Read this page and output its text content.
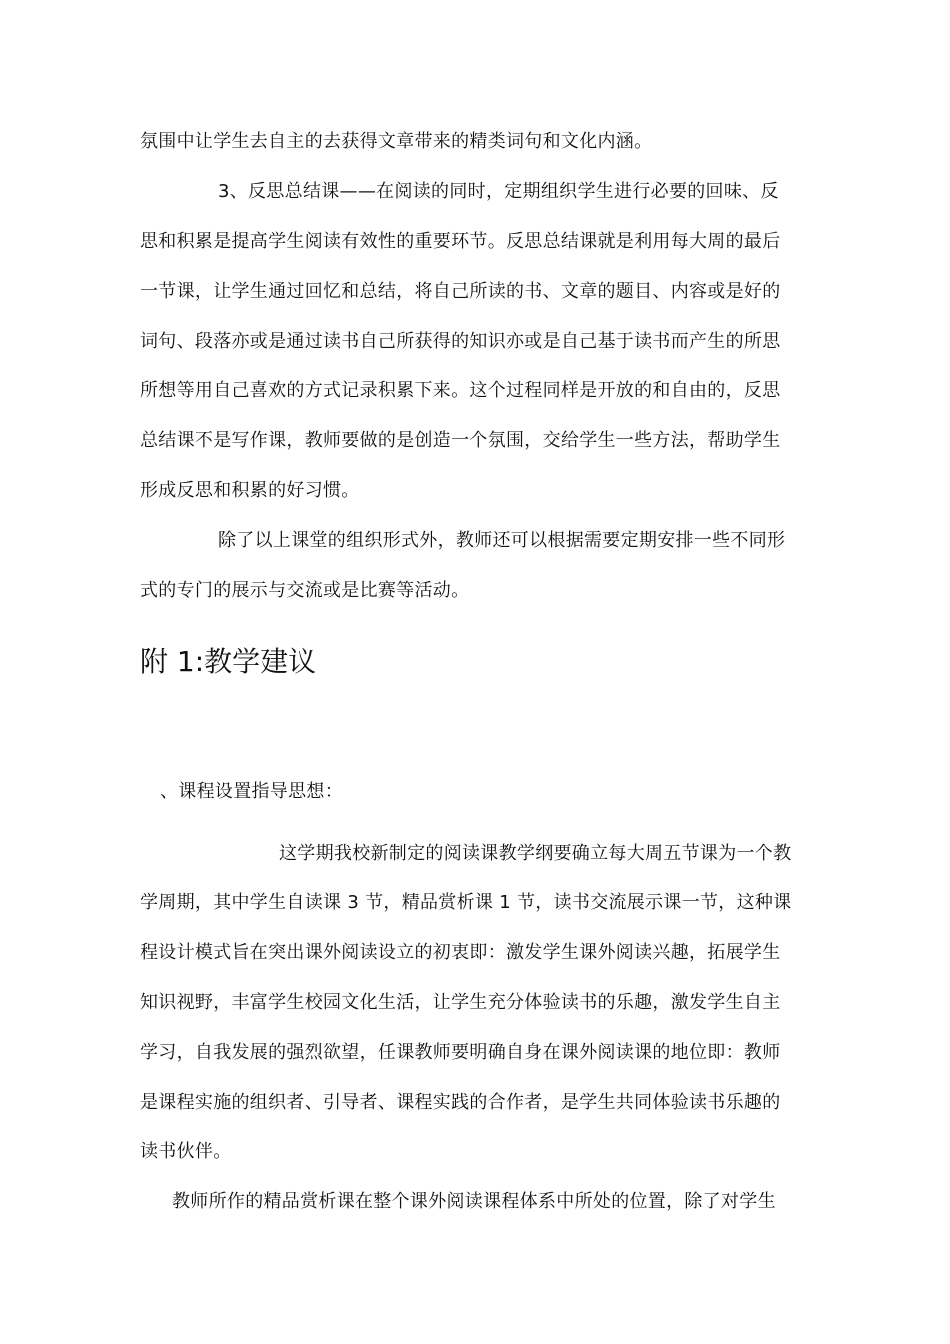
氛围中让学生去自主的去获得文章带来的精类词句和文化内涵。
3、反思总结课——在阅读的同时，定期组织学生进行必要的回味、反
思和积累是提高学生阅读有效性的重要环节。反思总结课就是利用每大周的最后
一节课，让学生通过回忆和总结，将自己所读的书、文章的题目、内容或是好的
词句、段落亦或是通过读书自己所获得的知识亦或是自己基于读书而产生的所思
所想等用自己喜欢的方式记录积累下来。这个过程同样是开放的和自由的，反思
总结课不是写作课，教师要做的是创造一个氛围，交给学生一些方法，帮助学生
形成反思和积累的好习惯。
除了以上课堂的组织形式外，教师还可以根据需要定期安排一些不同形
式的专门的展示与交流或是比赛等活动。
附 1:教学建议
、课程设置指导思想：
这学期我校新制定的阅读课教学纲要确立每大周五节课为一个教
学周期，其中学生自读课 3 节，精品赏析课 1 节，读书交流展示课一节，这种课
程设计模式旨在突出课外阅读设立的初衷即：激发学生课外阅读兴趣，拓展学生
知识视野，丰富学生校园文化生活，让学生充分体验读书的乐趣，激发学生自主
学习，自我发展的强烈欲望，任课教师要明确自身在课外阅读课的地位即：教师
是课程实施的组织者、引导者、课程实践的合作者，是学生共同体验读书乐趣的
读书伙伴。
教师所作的精品赏析课在整个课外阅读课程体系中所处的位置，除了对学生
